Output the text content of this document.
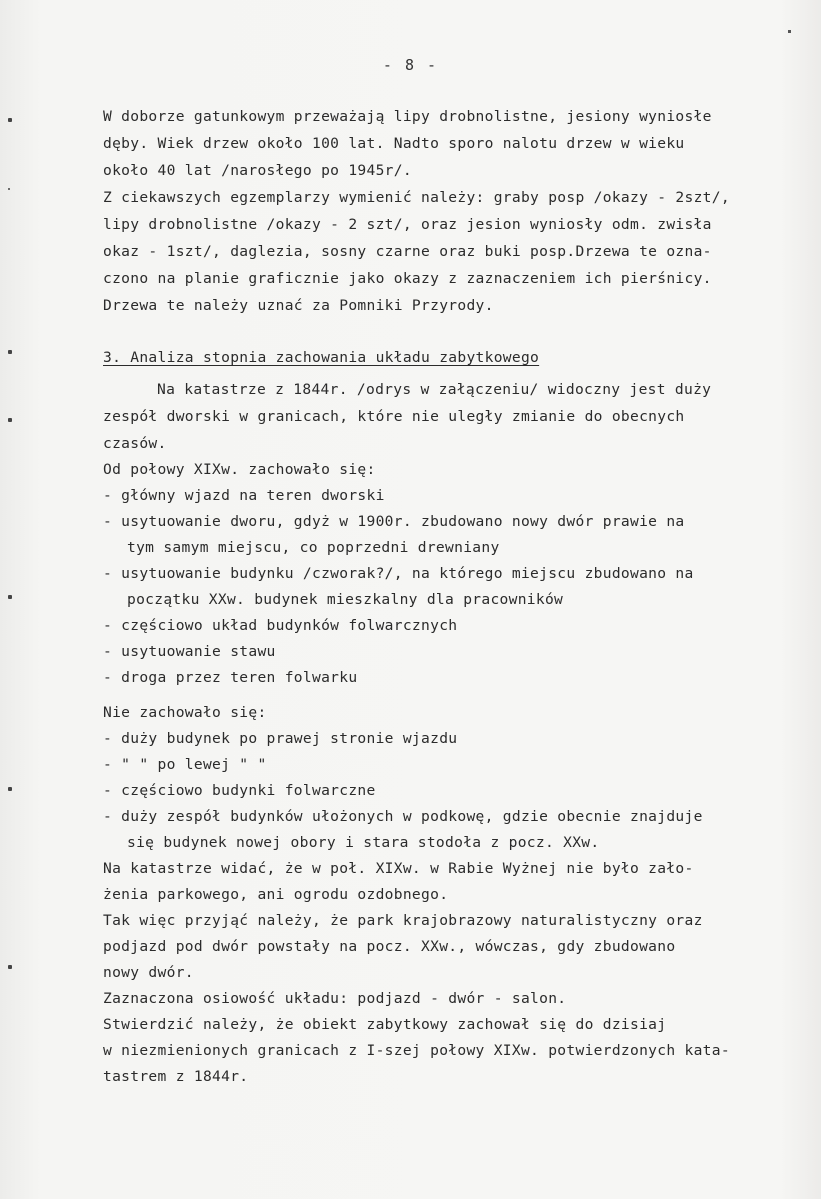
- 8 -
W doborze gatunkowym przeważają lipy drobnolistne, jesiony wyniosłe
dęby. Wiek drzew około 100 lat. Nadto sporo nalotu drzew w wieku
około 40 lat /narosłego po 1945r/.
Z ciekawszych egzemplarzy wymienić należy: graby posp /okazy - 2szt/,
lipy drobnolistne /okazy - 2 szt/, oraz jesion wyniosły odm. zwisła
okaz - 1szt/, daglezia, sosny czarne oraz buki posp.Drzewa te ozna-
czono na planie graficznie jako okazy z zaznaczeniem ich pierśnicy.
Drzewa te należy uznać za Pomniki Przyrody.
3. Analiza stopnia zachowania układu zabytkowego
Na katastrze z 1844r. /odrys w załączeniu/ widoczny jest duży
zespół dworski w granicach, które nie uległy zmianie do obecnych
czasów.
Od połowy XIXw. zachowało się:
- główny wjazd na teren dworski
- usytuowanie dworu, gdyż w 1900r. zbudowano nowy dwór prawie na
tym samym miejscu, co poprzedni drewniany
- usytuowanie budynku /czworak?/, na którego miejscu zbudowano na
początku XXw. budynek mieszkalny dla pracowników
- częściowo układ budynków folwarcznych
- usytuowanie stawu
- droga przez teren folwarku
Nie zachowało się:
- duży budynek po prawej stronie wjazdu
- " " po lewej " "
- częściowo budynki folwarczne
- duży zespół budynków ułożonych w podkowę, gdzie obecnie znajduje
się budynek nowej obory i stara stodoła z pocz. XXw.
Na katastrze widać, że w poł. XIXw. w Rabie Wyżnej nie było zało-
żenia parkowego, ani ogrodu ozdobnego.
Tak więc przyjąć należy, że park krajobrazowy naturalistyczny oraz
podjazd pod dwór powstały na pocz. XXw., wówczas, gdy zbudowano
nowy dwór.
Zaznaczona osiowość układu: podjazd - dwór - salon.
Stwierdzić należy, że obiekt zabytkowy zachował się do dzisiaj
w niezmienionych granicach z I-szej połowy XIXw. potwierdzonych kata-
tastrem z 1844r.
